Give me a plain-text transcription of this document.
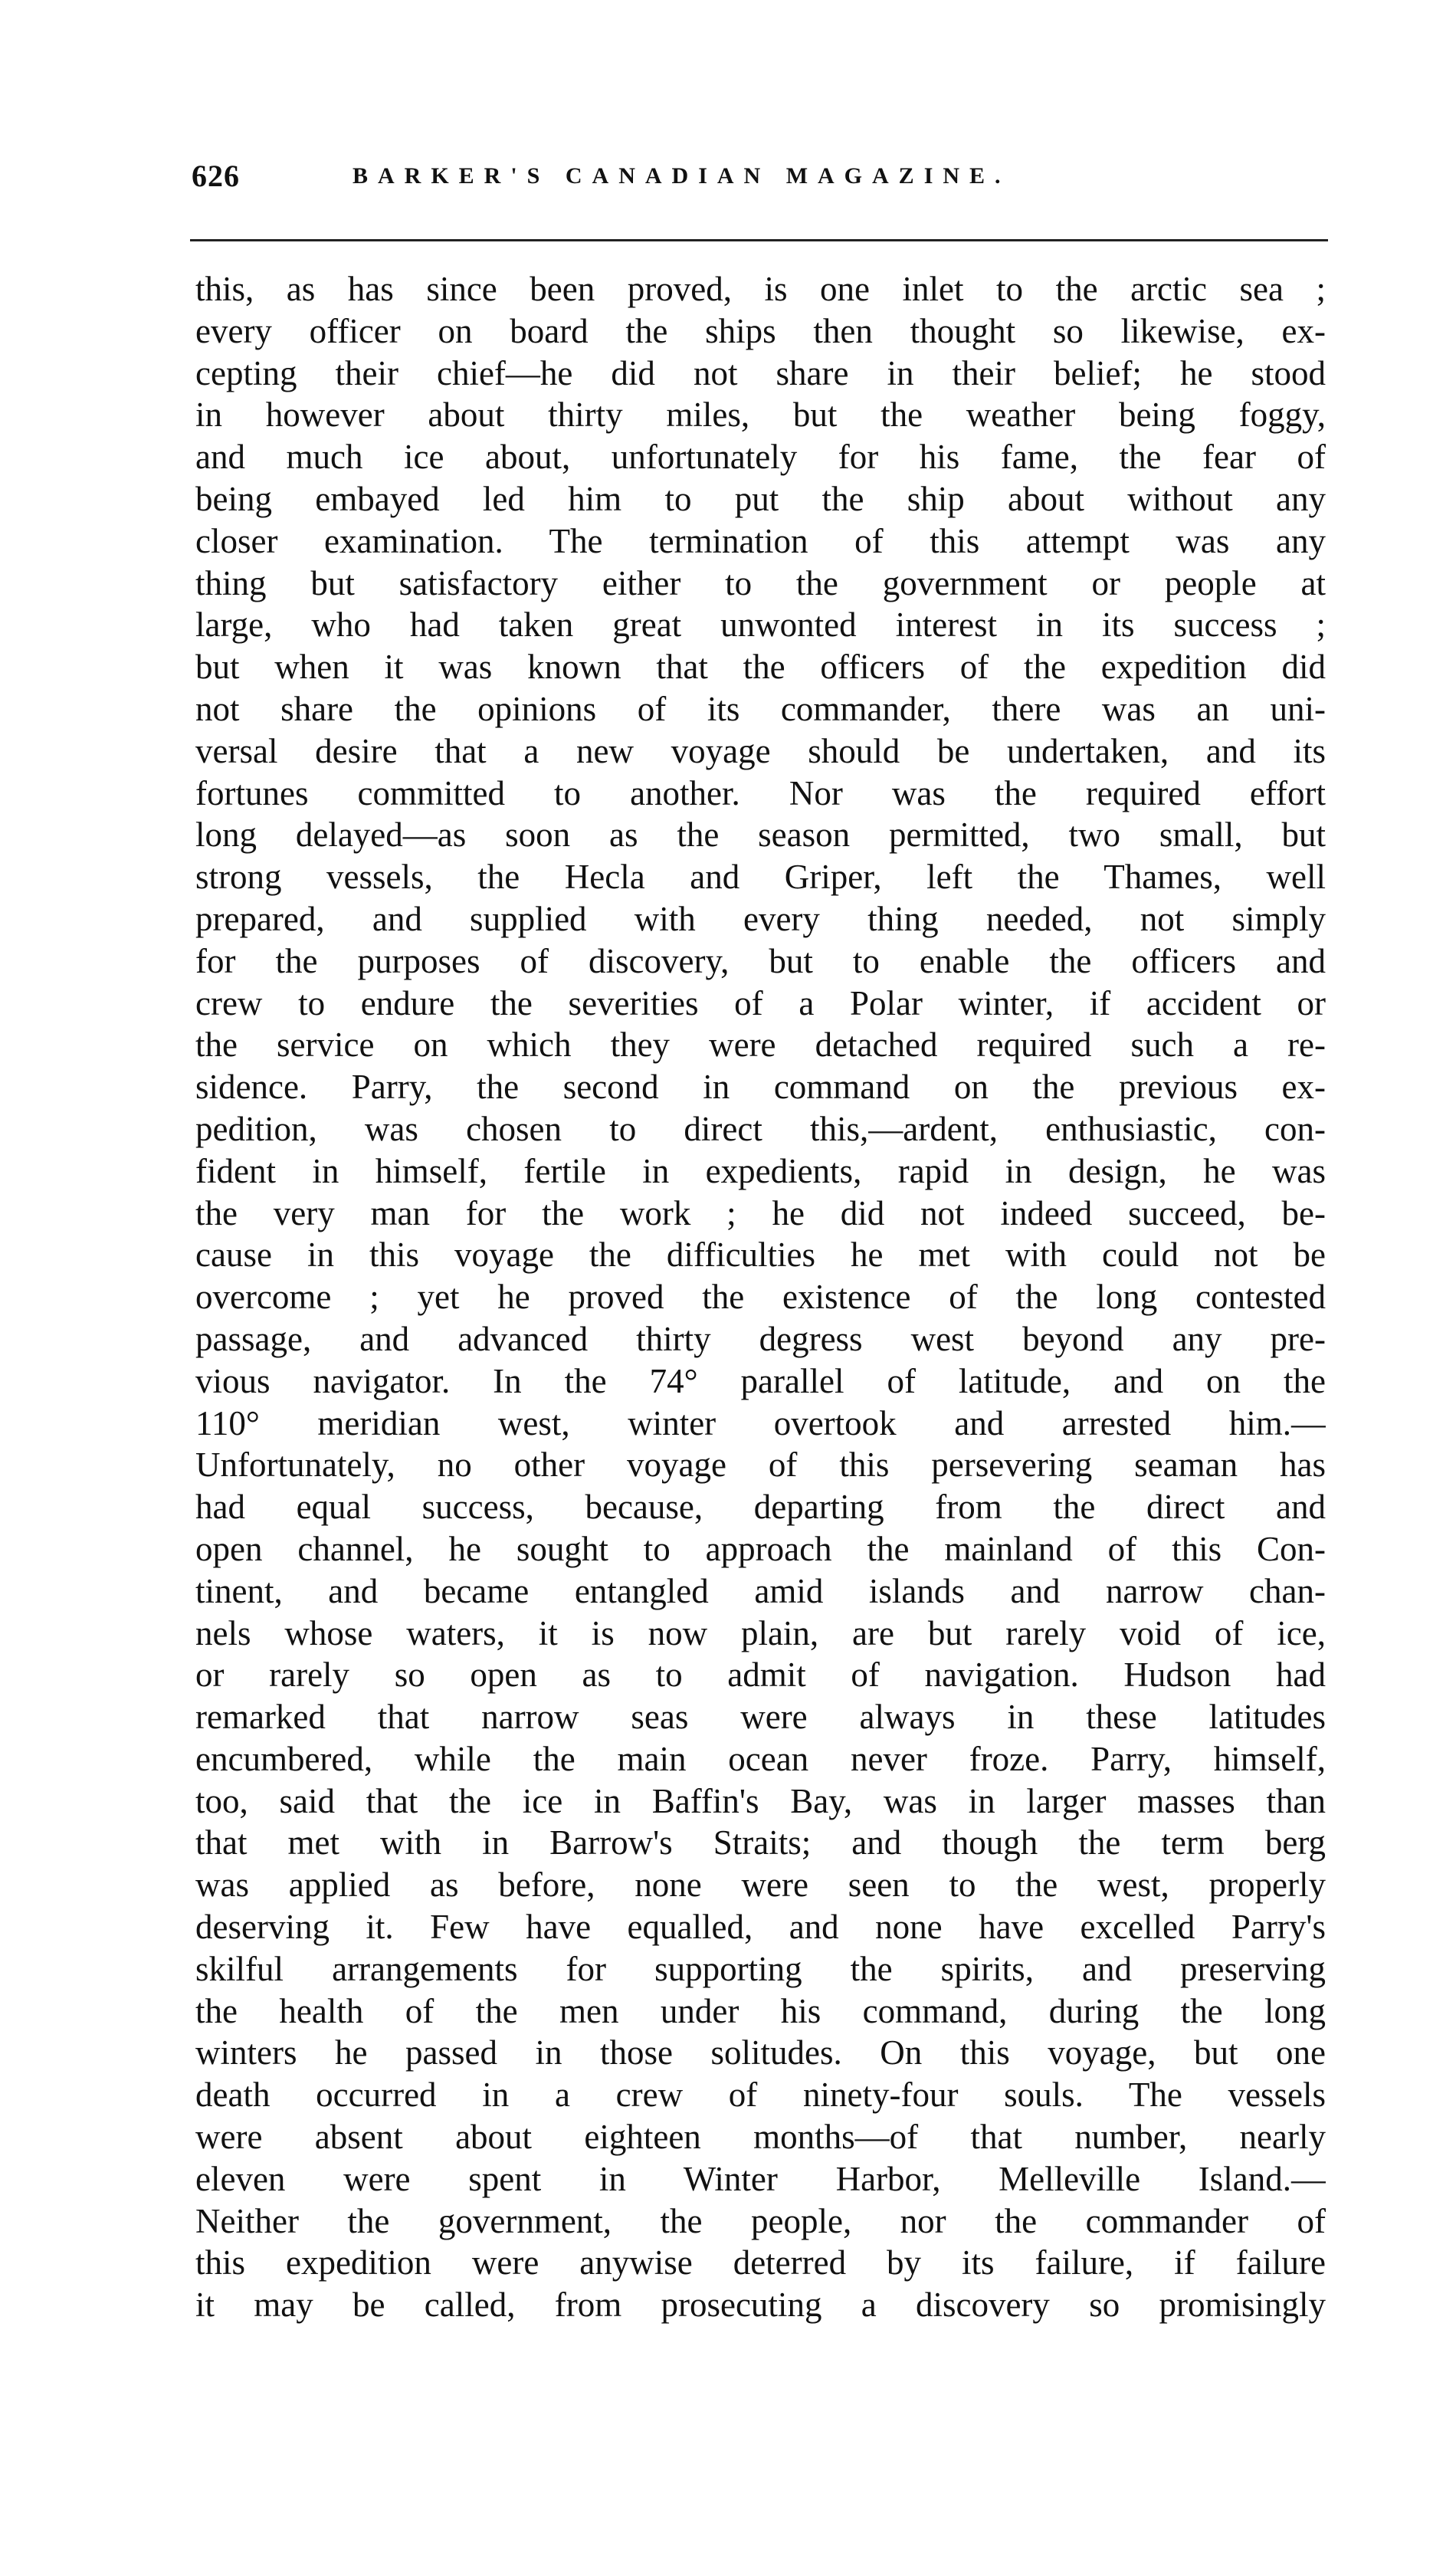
626	BARKER'S CANADIAN MAGAZINE.
this, as has since been proved, is one inlet to the arctic sea ;
every officer on board the ships then thought so likewise, ex-
cepting their chief—he did not share in their belief; he stood
in however about thirty miles, but the weather being foggy,
and much ice about, unfortunately for his fame, the fear of
being embayed led him to put the ship about without any
closer examination. The termination of this attempt was any
thing but satisfactory either to the government or people at
large, who had taken great unwonted interest in its success ;
but when it was known that the officers of the expedition did
not share the opinions of its commander, there was an uni-
versal desire that a new voyage should be undertaken, and its
fortunes committed to another. Nor was the required effort
long delayed—as soon as the season permitted, two small, but
strong vessels, the Hecla and Griper, left the Thames, well
prepared, and supplied with every thing needed, not simply
for the purposes of discovery, but to enable the officers and
crew to endure the severities of a Polar winter, if accident or
the service on which they were detached required such a re-
sidence. Parry, the second in command on the previous ex-
pedition, was chosen to direct this,—ardent, enthusiastic, con-
fident in himself, fertile in expedients, rapid in design, he was
the very man for the work ; he did not indeed succeed, be-
cause in this voyage the difficulties he met with could not be
overcome ; yet he proved the existence of the long contested
passage, and advanced thirty degress west beyond any pre-
vious navigator. In the 74° parallel of latitude, and on the
110° meridian west, winter overtook and arrested him.—
Unfortunately, no other voyage of this persevering seaman has
had equal success, because, departing from the direct and
open channel, he sought to approach the mainland of this Con-
tinent, and became entangled amid islands and narrow chan-
nels whose waters, it is now plain, are but rarely void of ice,
or rarely so open as to admit of navigation. Hudson had
remarked that narrow seas were always in these latitudes
encumbered, while the main ocean never froze. Parry, himself,
too, said that the ice in Baffin's Bay, was in larger masses than
that met with in Barrow's Straits; and though the term berg
was applied as before, none were seen to the west, properly
deserving it. Few have equalled, and none have excelled Parry's
skilful arrangements for supporting the spirits, and preserving
the health of the men under his command, during the long
winters he passed in those solitudes. On this voyage, but one
death occurred in a crew of ninety-four souls. The vessels
were absent about eighteen months—of that number, nearly
eleven were spent in Winter Harbor, Melleville Island.—
Neither the government, the people, nor the commander of
this expedition were anywise deterred by its failure, if failure
it may be called, from prosecuting a discovery so promisingly
